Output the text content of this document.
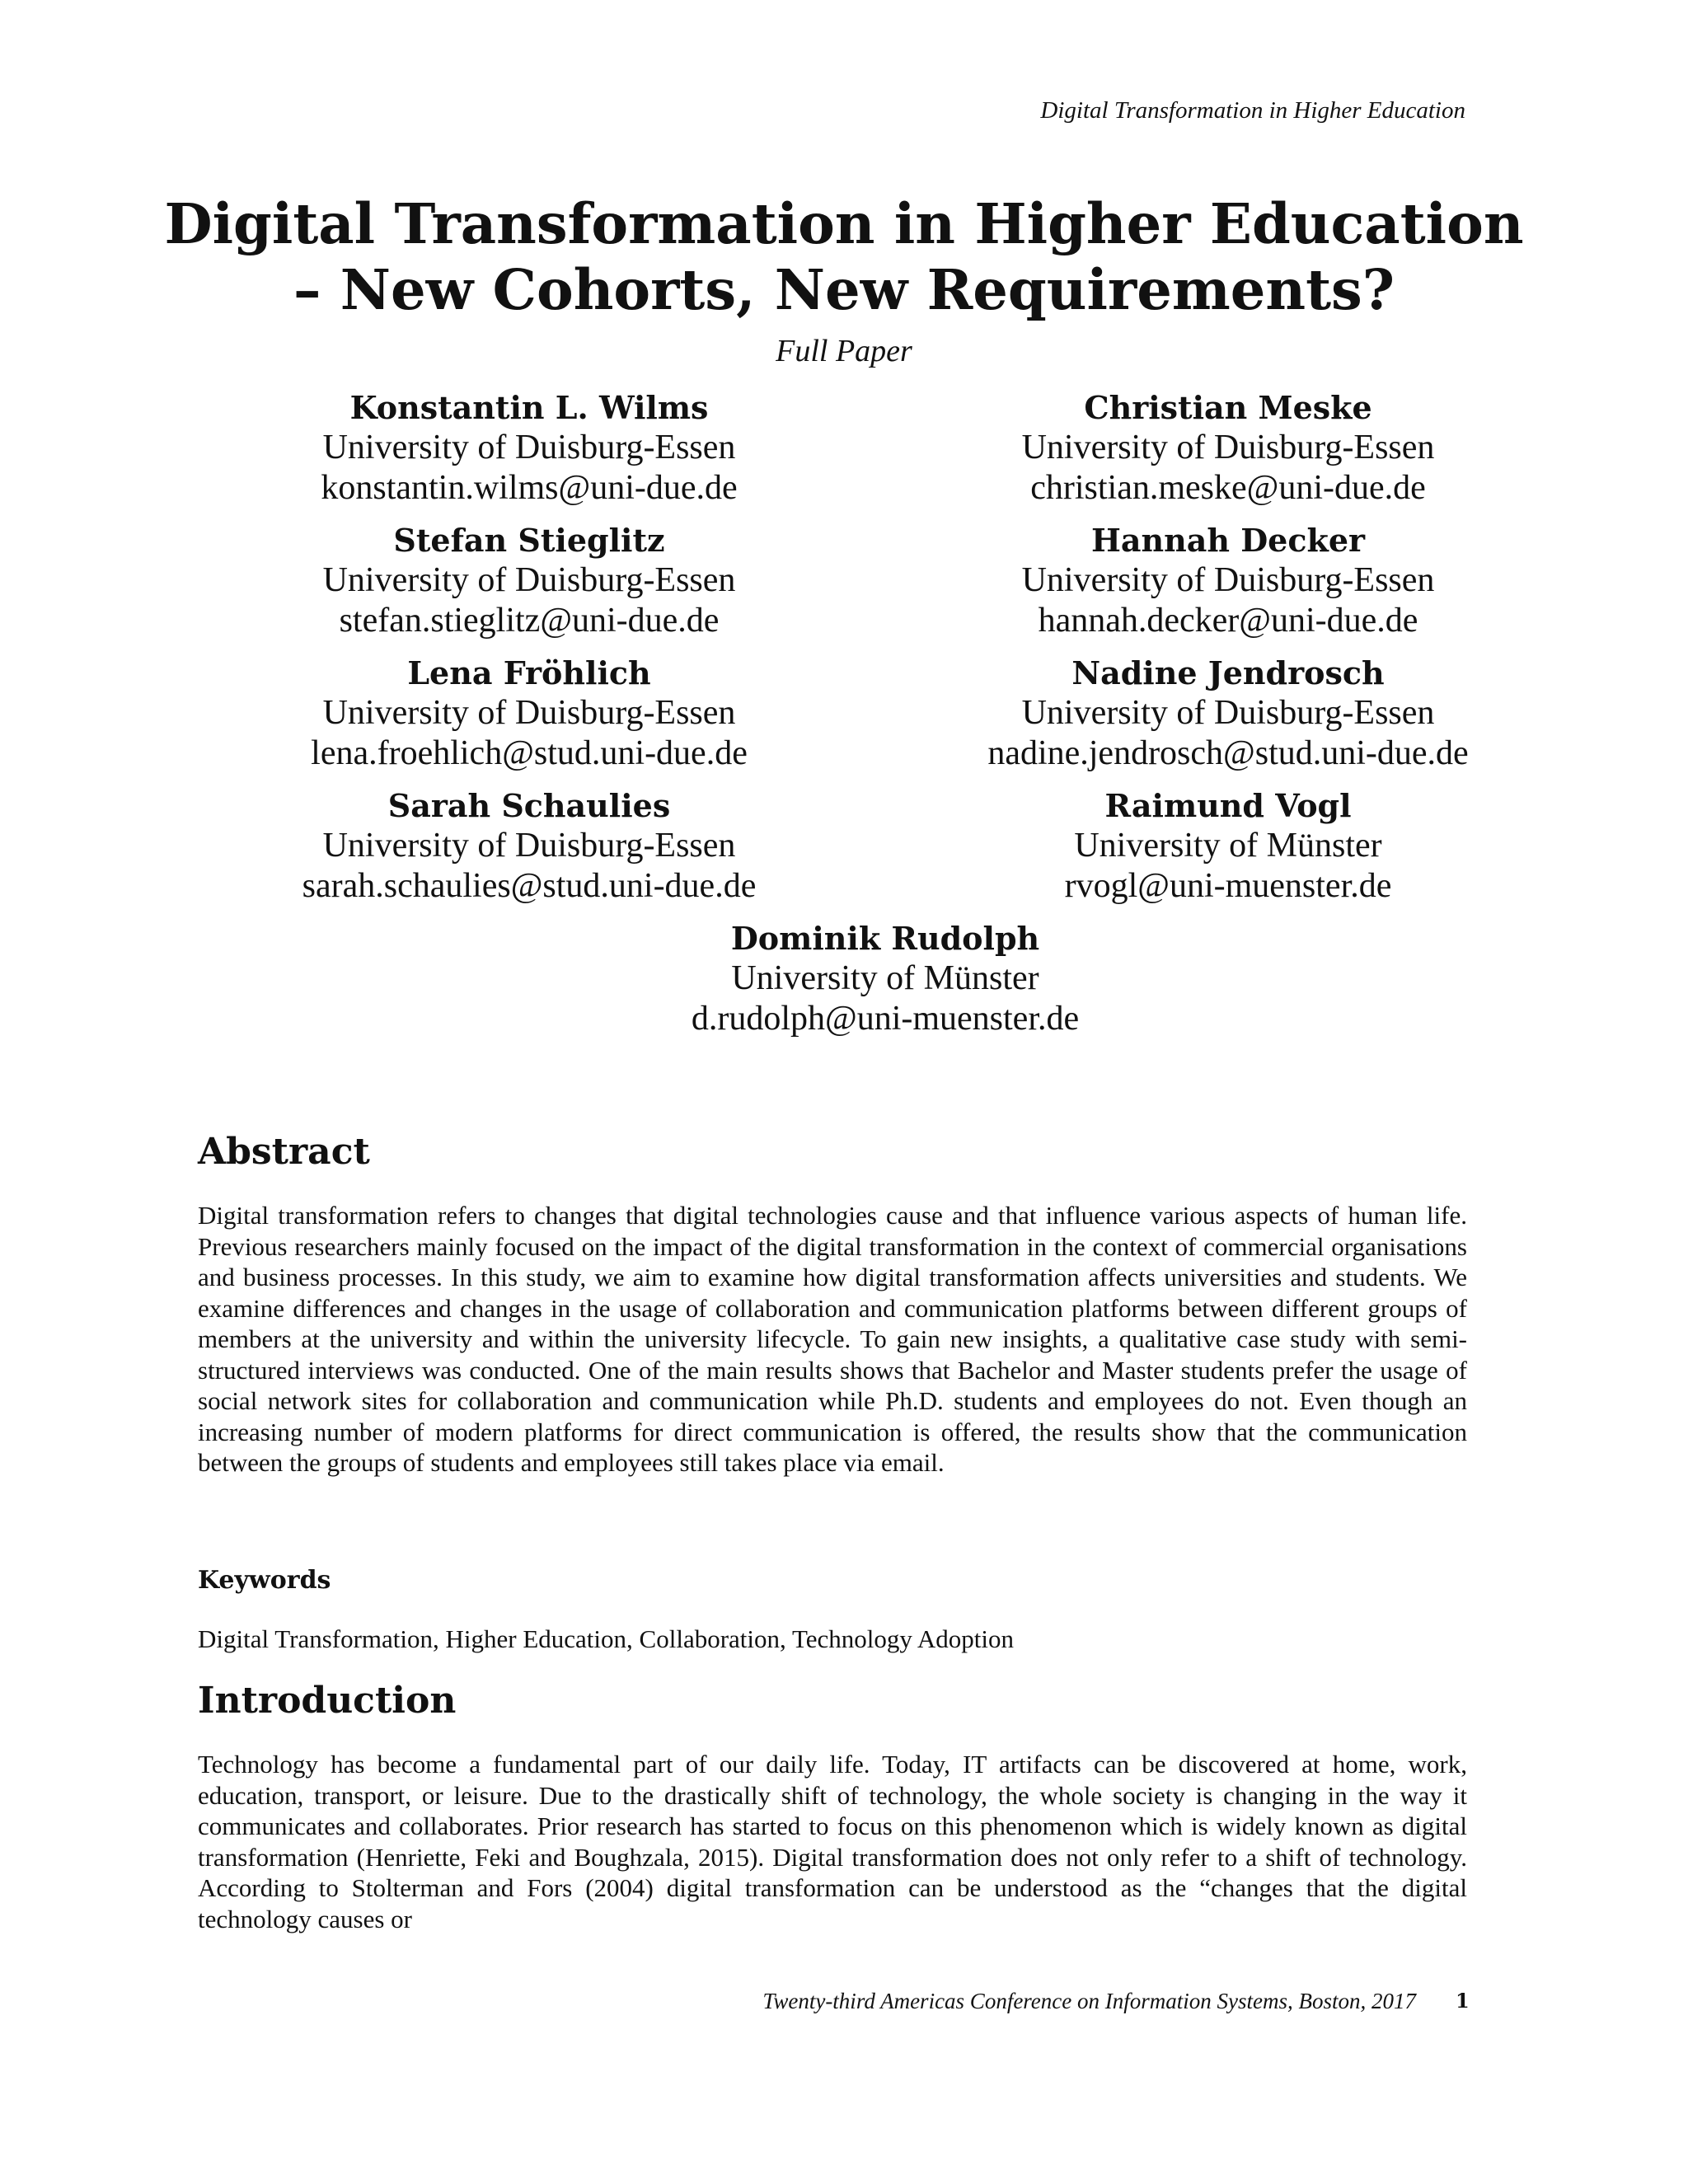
Digital Transformation in Higher Education
Digital Transformation in Higher Education
– New Cohorts, New Requirements?
Full Paper
Konstantin L. Wilms
University of Duisburg-Essen
konstantin.wilms@uni-due.de
Christian Meske
University of Duisburg-Essen
christian.meske@uni-due.de
Stefan Stieglitz
University of Duisburg-Essen
stefan.stieglitz@uni-due.de
Hannah Decker
University of Duisburg-Essen
hannah.decker@uni-due.de
Lena Fröhlich
University of Duisburg-Essen
lena.froehlich@stud.uni-due.de
Nadine Jendrosch
University of Duisburg-Essen
nadine.jendrosch@stud.uni-due.de
Sarah Schaulies
University of Duisburg-Essen
sarah.schaulies@stud.uni-due.de
Raimund Vogl
University of Münster
rvogl@uni-muenster.de
Dominik Rudolph
University of Münster
d.rudolph@uni-muenster.de
Abstract
Digital transformation refers to changes that digital technologies cause and that influence various aspects of human life. Previous researchers mainly focused on the impact of the digital transformation in the context of commercial organisations and business processes. In this study, we aim to examine how digital transformation affects universities and students. We examine differences and changes in the usage of collaboration and communication platforms between different groups of members at the university and within the university lifecycle. To gain new insights, a qualitative case study with semi-structured interviews was conducted. One of the main results shows that Bachelor and Master students prefer the usage of social network sites for collaboration and communication while Ph.D. students and employees do not. Even though an increasing number of modern platforms for direct communication is offered, the results show that the communication between the groups of students and employees still takes place via email.
Keywords
Digital Transformation, Higher Education, Collaboration, Technology Adoption
Introduction
Technology has become a fundamental part of our daily life. Today, IT artifacts can be discovered at home, work, education, transport, or leisure. Due to the drastically shift of technology, the whole society is changing in the way it communicates and collaborates. Prior research has started to focus on this phenomenon which is widely known as digital transformation (Henriette, Feki and Boughzala, 2015). Digital transformation does not only refer to a shift of technology. According to Stolterman and Fors (2004) digital transformation can be understood as the “changes that the digital technology causes or
Twenty-third Americas Conference on Information Systems, Boston, 2017 1
